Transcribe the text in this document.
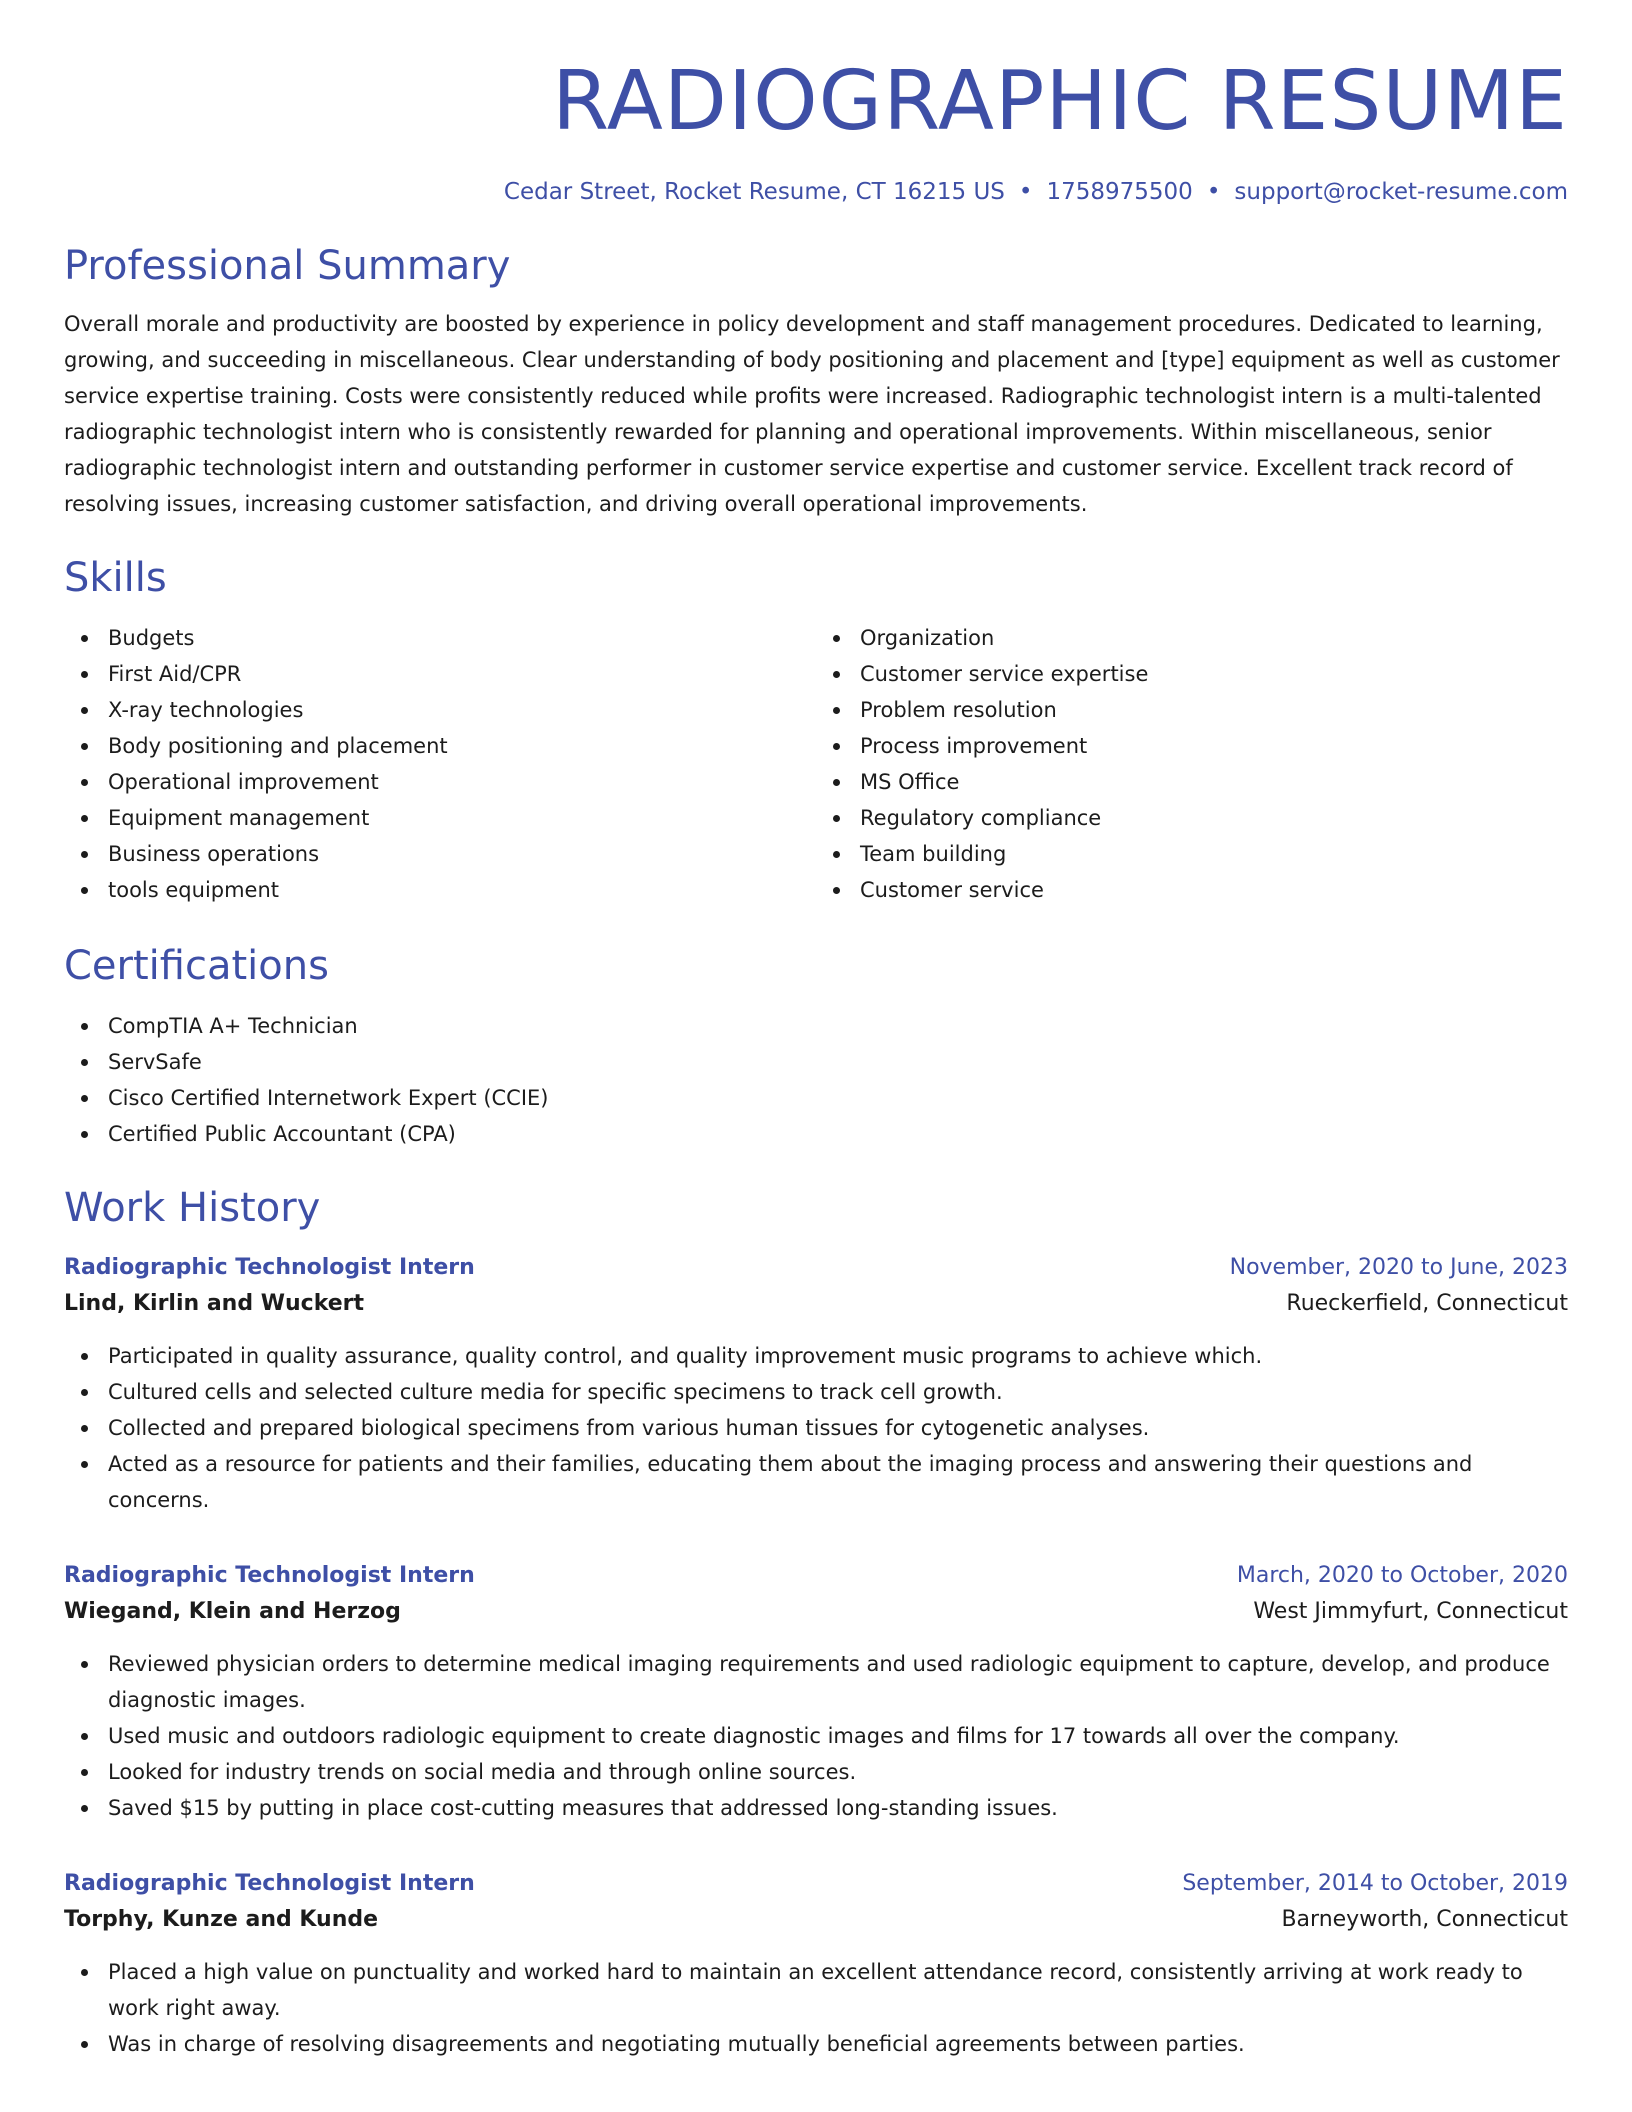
RADIOGRAPHIC RESUME
Cedar Street, Rocket Resume, CT 16215 US • 1758975500 • support@rocket-resume.com
Professional Summary

Overall morale and productivity are boosted by experience in policy development and staff management procedures. Dedicated to learning, growing, and succeeding in miscellaneous. Clear understanding of body positioning and placement and [type] equipment as well as customer service expertise training. Costs were consistently reduced while profits were increased. Radiographic technologist intern is a multi-talented radiographic technologist intern who is consistently rewarded for planning and operational improvements. Within miscellaneous, senior radiographic technologist intern and outstanding performer in customer service expertise and customer service. Excellent track record of resolving issues, increasing customer satisfaction, and driving overall operational improvements.

Skills
Budgets
First Aid/CPR
X-ray technologies
Body positioning and placement
Operational improvement
Equipment management
Business operations
tools equipment
Organization
Customer service expertise
Problem resolution
Process improvement
MS Office
Regulatory compliance
Team building
Customer service
Certifications
CompTIA A+ Technician
ServSafe
Cisco Certified Internetwork Expert (CCIE)
Certified Public Accountant (CPA)
Work History
Radiographic Technologist Intern	November, 2020 to June, 2023
Lind, Kirlin and Wuckert	Rueckerfield, Connecticut
Participated in quality assurance, quality control, and quality improvement music programs to achieve which.
Cultured cells and selected culture media for specific specimens to track cell growth.
Collected and prepared biological specimens from various human tissues for cytogenetic analyses.
Acted as a resource for patients and their families, educating them about the imaging process and answering their questions and concerns.
Radiographic Technologist Intern	March, 2020 to October, 2020
Wiegand, Klein and Herzog	West Jimmyfurt, Connecticut
Reviewed physician orders to determine medical imaging requirements and used radiologic equipment to capture, develop, and produce diagnostic images.
Used music and outdoors radiologic equipment to create diagnostic images and films for 17 towards all over the company.
Looked for industry trends on social media and through online sources.
Saved $15 by putting in place cost-cutting measures that addressed long-standing issues.
Radiographic Technologist Intern	September, 2014 to October, 2019
Torphy, Kunze and Kunde	Barneyworth, Connecticut
Placed a high value on punctuality and worked hard to maintain an excellent attendance record, consistently arriving at work ready to work right away.
Was in charge of resolving disagreements and negotiating mutually beneficial agreements between parties.
